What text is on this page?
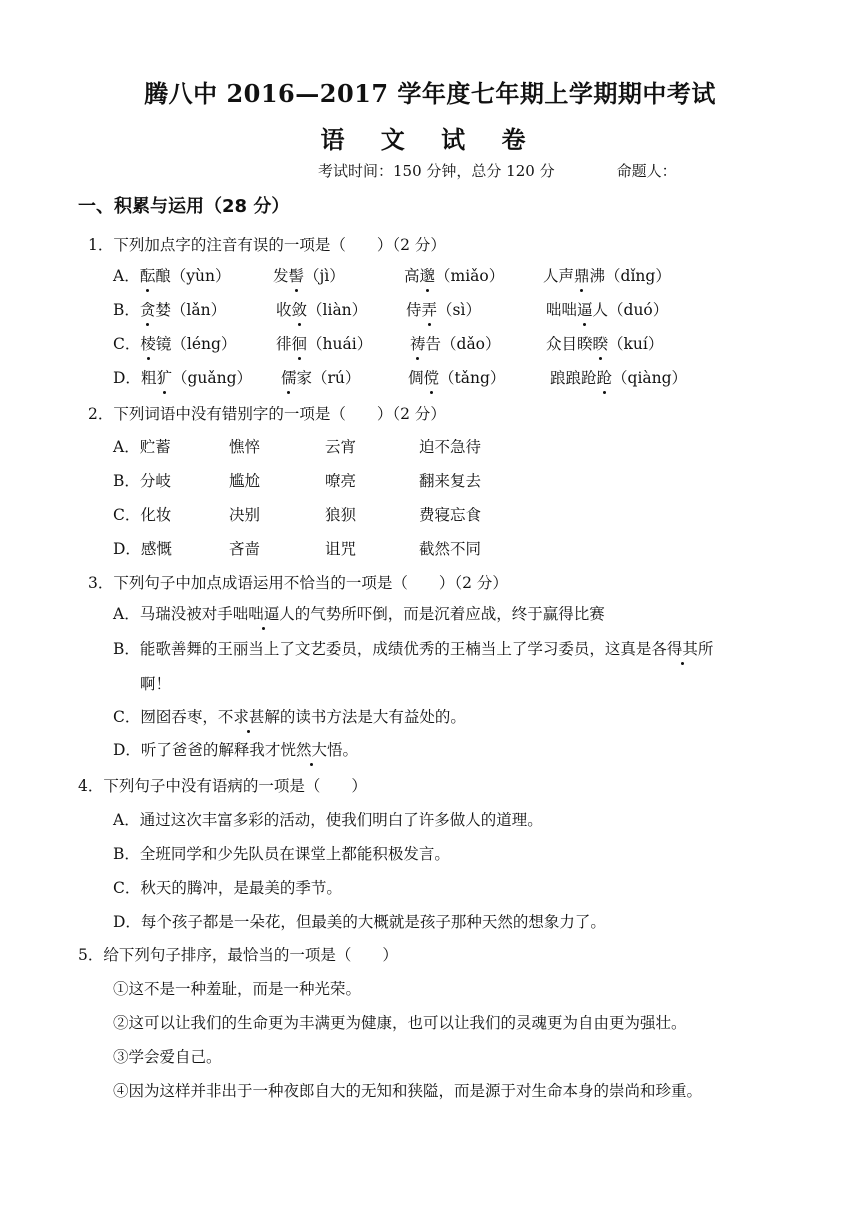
腾八中 2016—2017 学年度七年期上学期期中考试
语 文 试 卷
考试时间：150 分钟，总分 120 分	命题人：
一、积累与运用（28 分）
1．下列加点字的注音有误的一项是（　　）（2 分）
A．酝酿（yùn）	发髻（jì）	高邈（miǎo） 人声鼎沸（dǐng）
B．贪婪（lǎn）	收敛（liàn）	侍弄（sì）	咄咄逼人（duó）
C．棱镜（léng）	徘徊（huái） 祷告（dǎo）	众目睽睽（kuí）
D．粗犷（guǎng） 儒家（rú）	倜傥（tǎng）	踉踉跄跄（qiàng）
2．下列词语中没有错别字的一项是（　　）（2 分）
A．贮蓄	憔悴	云宵	迫不急待
B．分岐	尴尬	嘹亮	翻来复去
C．化妆	决别	狼狈	费寝忘食
D．感慨	吝啬	诅咒	截然不同
3．下列句子中加点成语运用不恰当的一项是（　　）（2 分）
A．马瑞没被对手咄咄逼人的气势所吓倒，而是沉着应战，终于赢得比赛
B．能歌善舞的王丽当上了文艺委员，成绩优秀的王楠当上了学习委员，这真是各得其所
啊！
C．囫囵吞枣，不求甚解的读书方法是大有益处的。
D．听了爸爸的解释我才恍然大悟。
4．下列句子中没有语病的一项是（　　）
A．通过这次丰富多彩的活动，使我们明白了许多做人的道理。
B．全班同学和少先队员在课堂上都能积极发言。
C．秋天的腾冲，是最美的季节。
D．每个孩子都是一朵花，但最美的大概就是孩子那种天然的想象力了。
5．给下列句子排序，最恰当的一项是（　　）
①这不是一种羞耻，而是一种光荣。
②这可以让我们的生命更为丰满更为健康，也可以让我们的灵魂更为自由更为强壮。
③学会爱自己。
④因为这样并非出于一种夜郎自大的无知和狭隘，而是源于对生命本身的崇尚和珍重。
